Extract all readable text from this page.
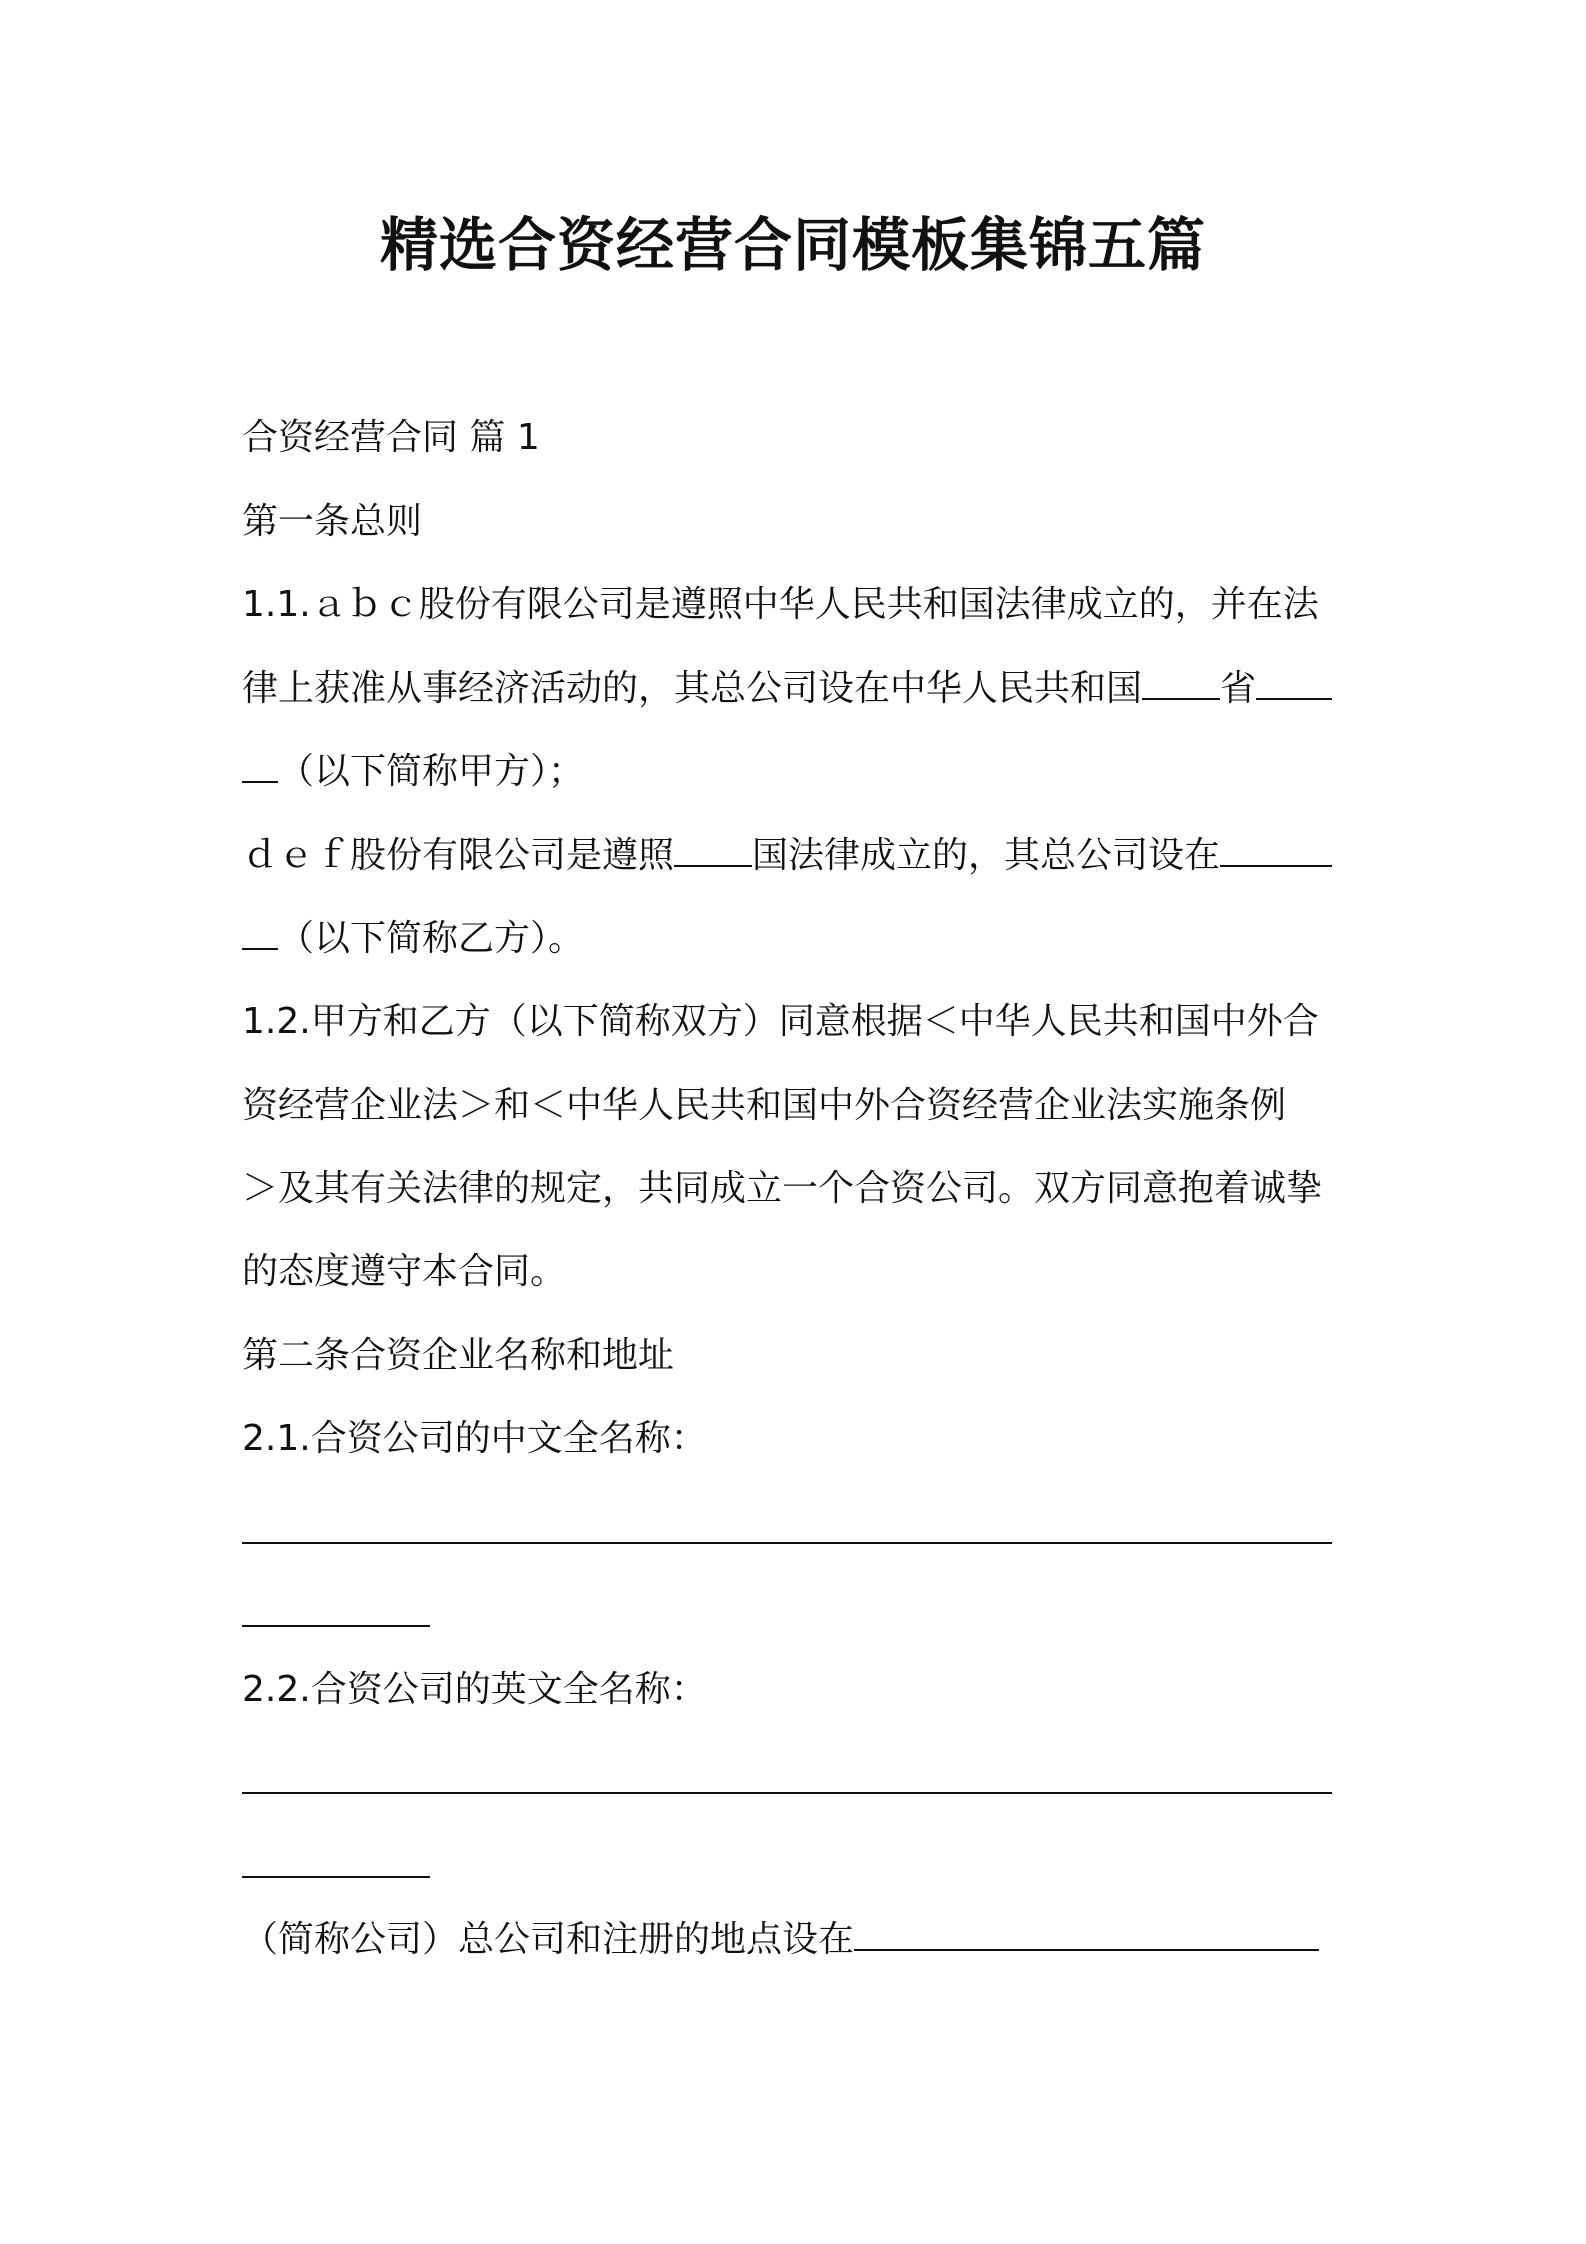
精选合资经营合同模板集锦五篇
合资经营合同 篇 1
第一条总则
1.1.ａｂｃ股份有限公司是遵照中华人民共和国法律成立的，并在法
律上获准从事经济活动的，其总公司设在中华人民共和国 省
（以下简称甲方）；
ｄｅｆ股份有限公司是遵照 国法律成立的，其总公司设在
（以下简称乙方）。
1.2.甲方和乙方（以下简称双方）同意根据＜中华人民共和国中外合
资经营企业法＞和＜中华人民共和国中外合资经营企业法实施条例
＞及其有关法律的规定，共同成立一个合资公司。双方同意抱着诚挚
的态度遵守本合同。
第二条合资企业名称和地址
2.1.合资公司的中文全名称：
2.2.合资公司的英文全名称：
（简称公司）总公司和注册的地点设在
